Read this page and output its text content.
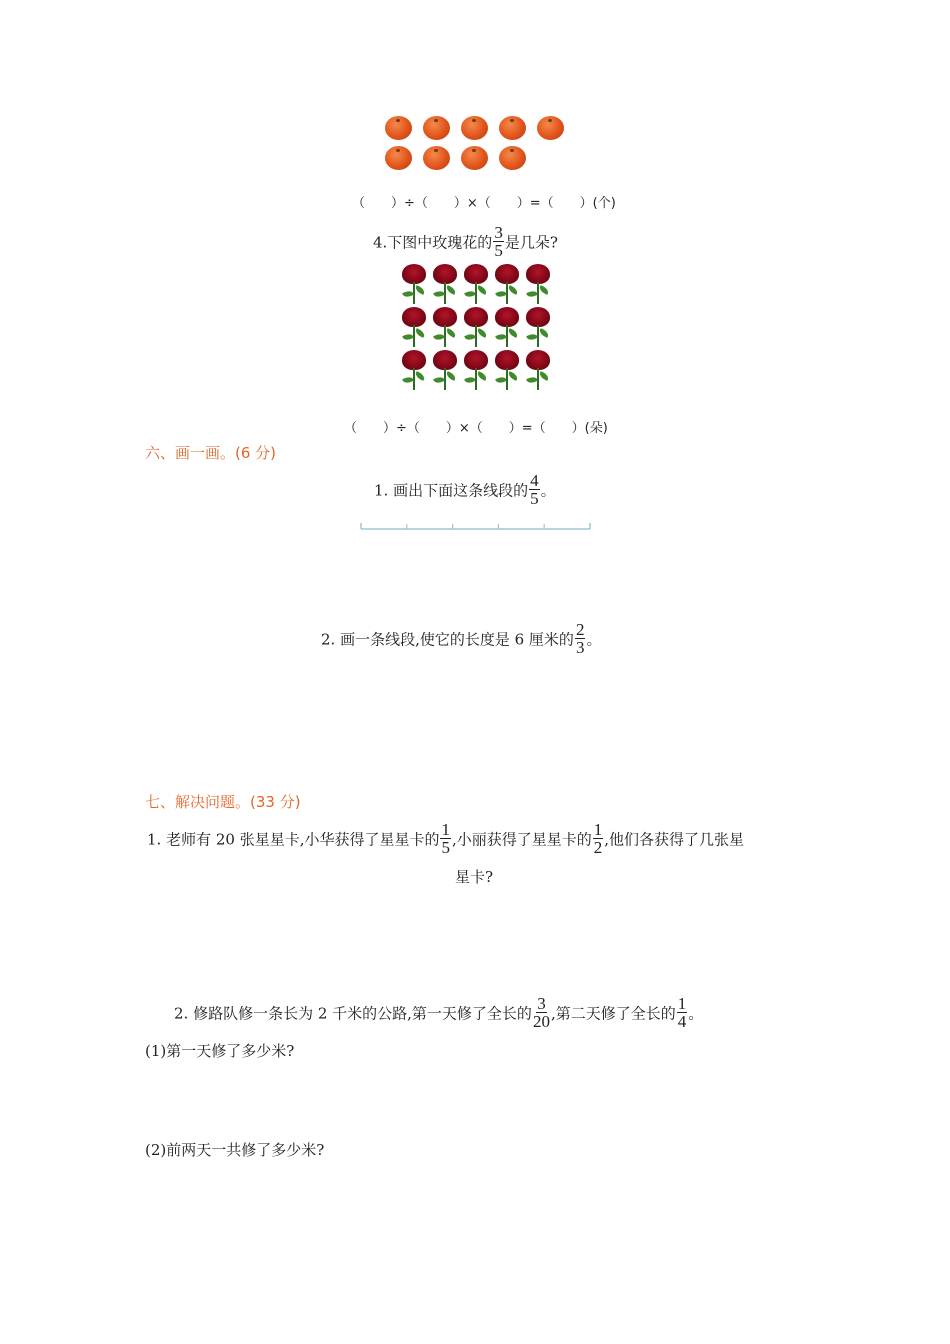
（　　）÷（　　）×（　　）=（　　）(个)
4.下图中玫瑰花的 $\frac{3}{5}$ 是几朵?
（　　）÷（　　）×（　　）=（　　）(朵)
六、画一画。(6 分)
1. 画出下面这条线段的 $\frac{4}{5}$ 。
2. 画一条线段,使它的长度是 6 厘米的 $\frac{2}{3}$ 。
七、解决问题。(33 分)
1. 老师有 20 张星星卡,小华获得了星星卡的 $\frac{1}{5}$ ,小丽获得了星星卡的 $\frac{1}{2}$ ,他们各获得了几张星
星卡?
2. 修路队修一条长为 2 千米的公路,第一天修了全长的 $\frac{3}{20}$ ,第二天修了全长的 $\frac{1}{4}$ 。
(1)第一天修了多少米?
(2)前两天一共修了多少米?
